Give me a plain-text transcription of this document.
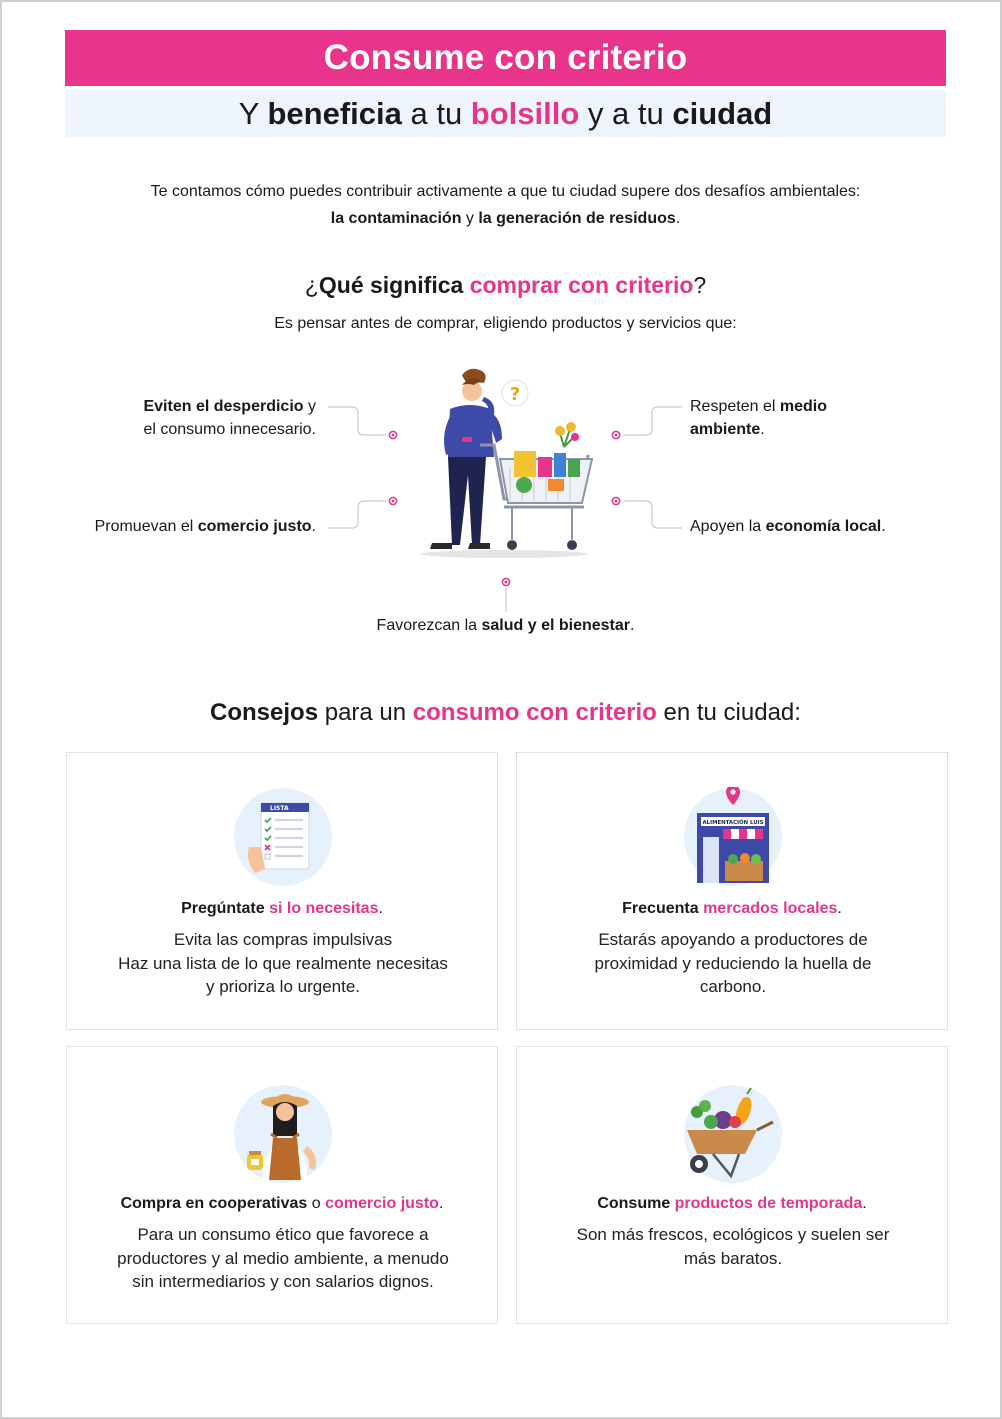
Consume con criterio
Y beneficia a tu bolsillo y a tu ciudad
Te contamos cómo puedes contribuir activamente a que tu ciudad supere dos desafíos ambientales:
la contaminación y la generación de residuos.
¿Qué significa comprar con criterio?
Es pensar antes de comprar, eligiendo productos y servicios que:
Eviten el desperdicio y
el consumo innecesario.
Promuevan el comercio justo.
Respeten el medio
ambiente.
Apoyen la economía local.
Favorezcan la salud y el bienestar.
?
Consejos para un consumo con criterio en tu ciudad:
LISTA
Pregúntate si lo necesitas.
Evita las compras impulsivas
Haz una lista de lo que realmente necesitas
y prioriza lo urgente.
ALIMENTACIÓN LUIS
Frecuenta mercados locales.
Estarás apoyando a productores de
proximidad y reduciendo la huella de
carbono.
Compra en cooperativas o comercio justo.
Para un consumo ético que favorece a
productores y al medio ambiente, a menudo
sin intermediarios y con salarios dignos.
Consume productos de temporada.
Son más frescos, ecológicos y suelen ser
más baratos.
